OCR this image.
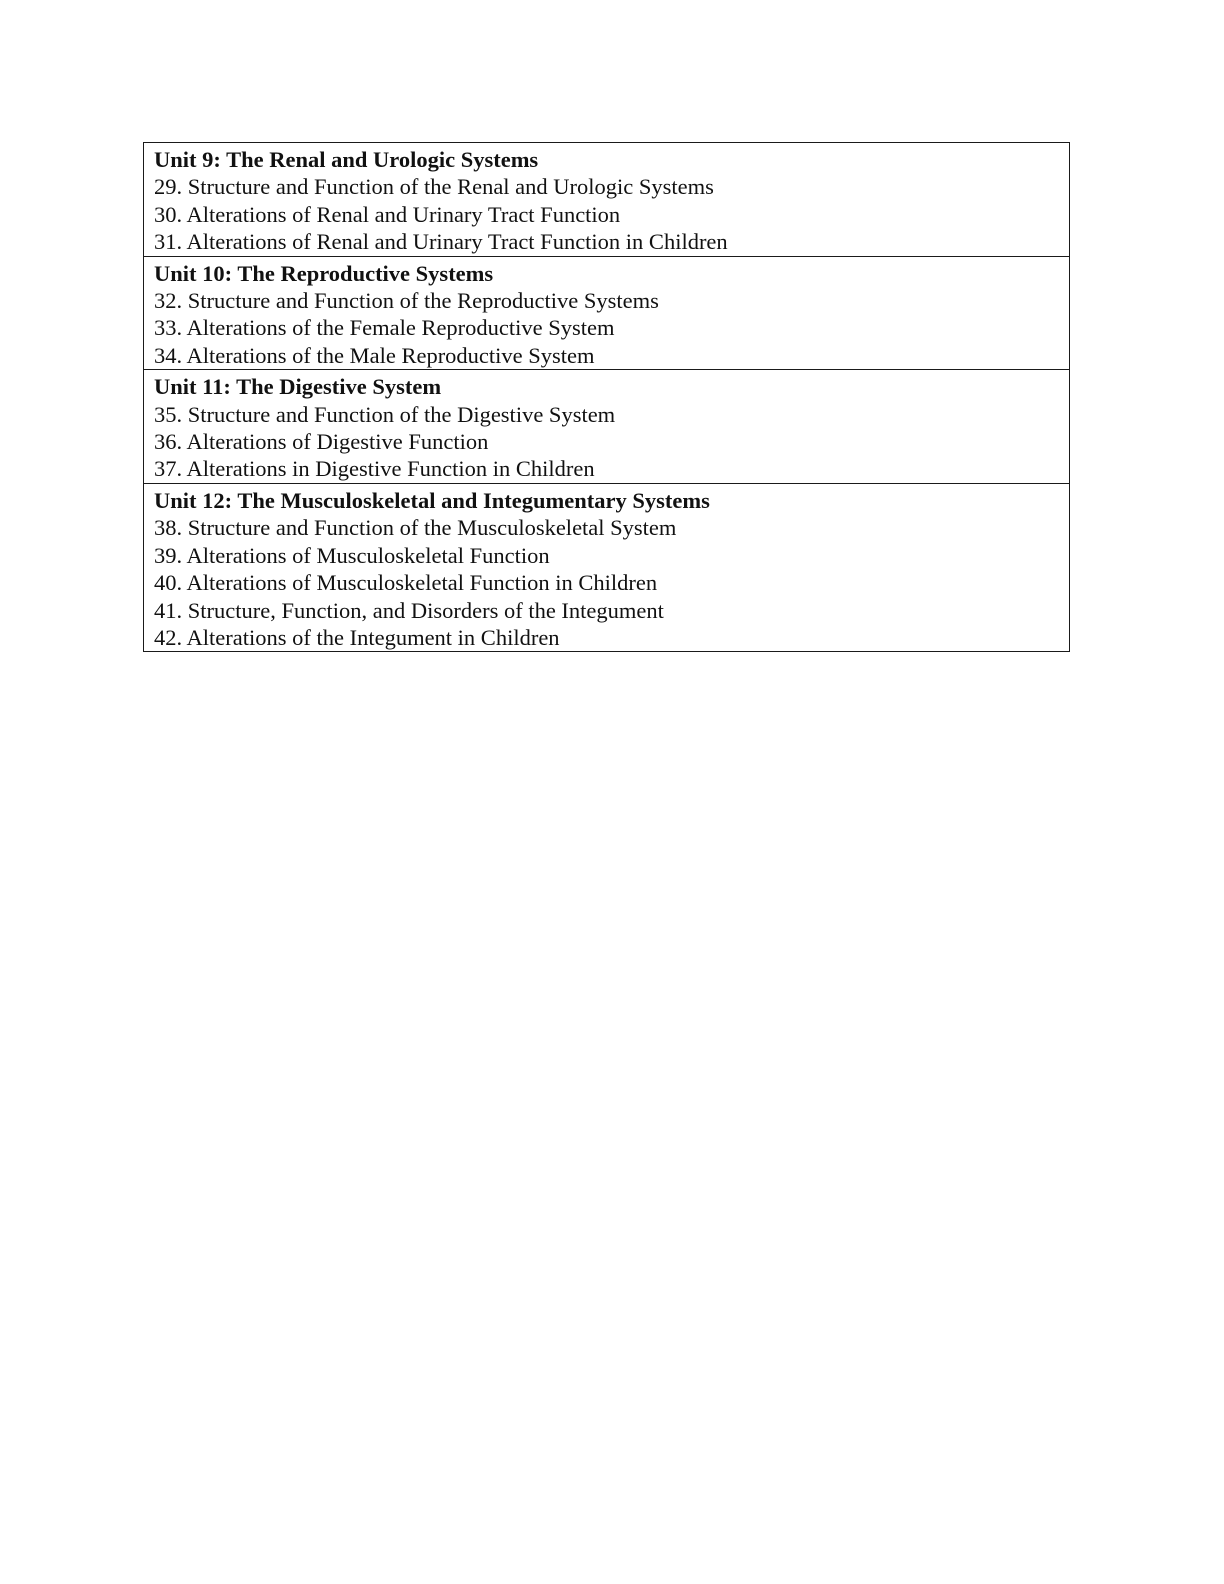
Unit 9: The Renal and Urologic Systems
29. Structure and Function of the Renal and Urologic Systems
30. Alterations of Renal and Urinary Tract Function
31. Alterations of Renal and Urinary Tract Function in Children

Unit 10: The Reproductive Systems
32. Structure and Function of the Reproductive Systems
33. Alterations of the Female Reproductive System
34. Alterations of the Male Reproductive System

Unit 11: The Digestive System
35. Structure and Function of the Digestive System
36. Alterations of Digestive Function
37. Alterations in Digestive Function in Children

Unit 12: The Musculoskeletal and Integumentary Systems
38. Structure and Function of the Musculoskeletal System
39. Alterations of Musculoskeletal Function
40. Alterations of Musculoskeletal Function in Children
41. Structure, Function, and Disorders of the Integument
42. Alterations of the Integument in Children
